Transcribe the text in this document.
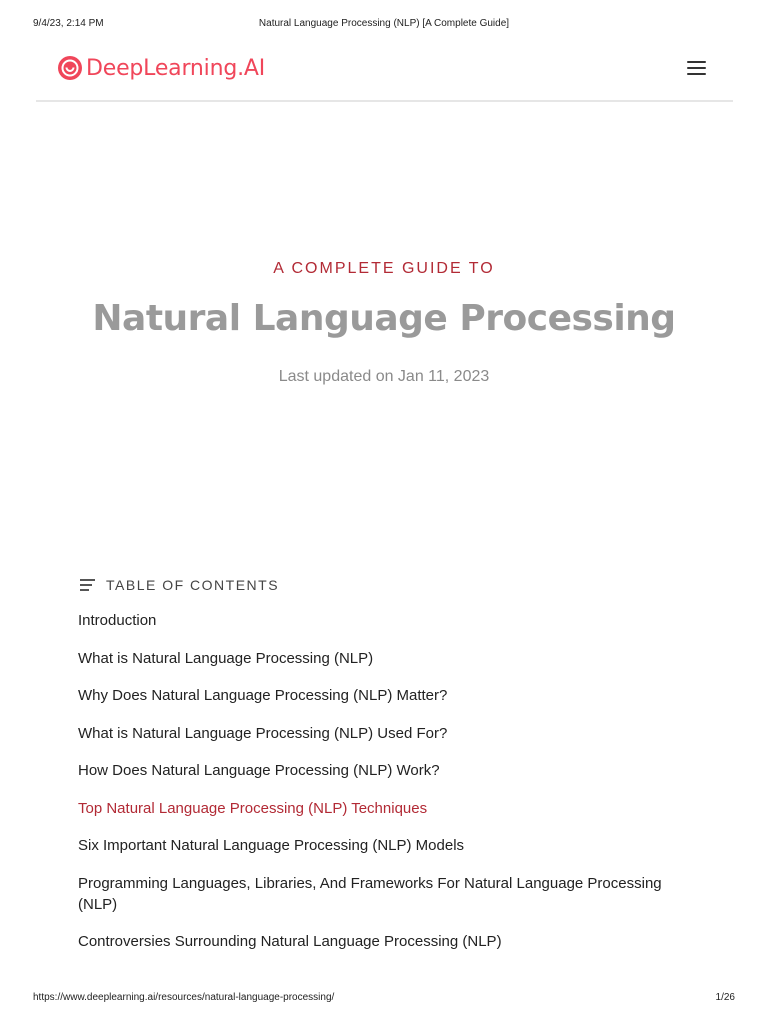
9/4/23, 2:14 PM	Natural Language Processing (NLP) [A Complete Guide]
DeepLearning.AI
A COMPLETE GUIDE TO
Natural Language Processing
Last updated on Jan 11, 2023
TABLE OF CONTENTS
Introduction
What is Natural Language Processing (NLP)
Why Does Natural Language Processing (NLP) Matter?
What is Natural Language Processing (NLP) Used For?
How Does Natural Language Processing (NLP) Work?
Top Natural Language Processing (NLP) Techniques
Six Important Natural Language Processing (NLP) Models
Programming Languages, Libraries, And Frameworks For Natural Language Processing (NLP)
Controversies Surrounding Natural Language Processing (NLP)
https://www.deeplearning.ai/resources/natural-language-processing/	1/26
